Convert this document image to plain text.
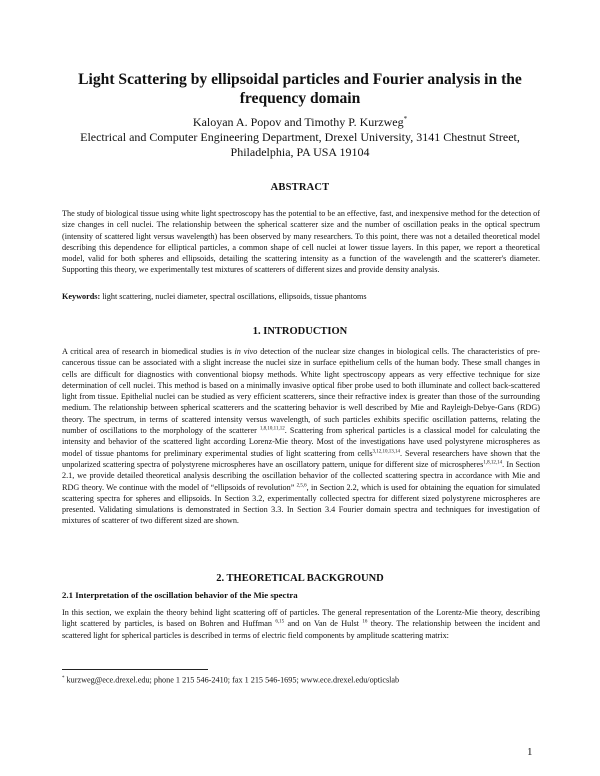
Light Scattering by ellipsoidal particles and Fourier analysis in the frequency domain
Kaloyan A. Popov and Timothy P. Kurzweg*
Electrical and Computer Engineering Department, Drexel University, 3141 Chestnut Street,
Philadelphia, PA USA 19104
ABSTRACT

The study of biological tissue using white light spectroscopy has the potential to be an effective, fast, and inexpensive method for the detection of size changes in cell nuclei. The relationship between the spherical scatterer size and the number of oscillation peaks in the optical spectrum (intensity of scattered light versus wavelength) has been observed by many researchers. To this point, there was not a detailed theoretical model describing this dependence for elliptical particles, a common shape of cell nuclei at lower tissue layers. In this paper, we report a theoretical model, valid for both spheres and ellipsoids, detailing the scattering intensity as a function of the wavelength and the scatterer's diameter. Supporting this theory, we experimentally test mixtures of scatterers of different sizes and provide density analysis.

Keywords: light scattering, nuclei diameter, spectral oscillations, ellipsoids, tissue phantoms

1. INTRODUCTION

A critical area of research in biomedical studies is in vivo detection of the nuclear size changes in biological cells. The characteristics of pre-cancerous tissue can be associated with a slight increase the nuclei size in surface epithelium cells of the human body. These small changes in cells are difficult for diagnostics with conventional biopsy methods. White light spectroscopy appears as very effective technique for size determination of cell nuclei. This method is based on a minimally invasive optical fiber probe used to both illuminate and collect back-scattered light from tissue. Epithelial nuclei can be studied as very efficient scatterers, since their refractive index is greater than those of the surrounding medium. The relationship between spherical scatterers and the scattering behavior is well described by Mie and Rayleigh-Debye-Gans (RDG) theory. The spectrum, in terms of scattered intensity versus wavelength, of such particles exhibits specific oscillation patterns, relating the number of oscillations to the morphology of the scatterer $^{1,8,10,11,12}$. Scattering from spherical particles is a classical model for calculating the intensity and behavior of the scattered light according Lorenz-Mie theory. Most of the investigations have used polystyrene microspheres as model of tissue phantoms for preliminary experimental studies of light scattering from cells$^{3,12,10,13,14}$. Several researchers have shown that the unpolarized scattering spectra of polystyrene microspheres have an oscillatory pattern, unique for different size of microspheres$^{1,8,12,14}$. In Section 2.1, we provide detailed theoretical analysis describing the oscillation behavior of the collected scattering spectra in accordance with Mie and RDG theory. We continue with the model of “ellipsoids of revolution” $^{2,5,6}$, in Section 2.2, which is used for obtaining the equation for simulated scattering spectra for spheres and ellipsoids. In Section 3.2, experimentally collected spectra for different sized polystyrene microspheres are presented. Validating simulations is demonstrated in Section 3.3. In Section 3.4 Fourier domain spectra and techniques for investigation of mixtures of scatterer of two different sized are shown.

2. THEORETICAL BACKGROUND
2.1 Interpretation of the oscillation behavior of the Mie spectra

In this section, we explain the theory behind light scattering off of particles. The general representation of the Lorentz-Mie theory, describing light scattered by particles, is based on Bohren and Huffman $^{6,15}$ and on Van de Hulst $^{16}$ theory. The relationship between the incident and scattered light for spherical particles is described in terms of electric field components by amplitude scattering matrix:

* kurzweg@ece.drexel.edu; phone 1 215 546-2410; fax 1 215 546-1695; www.ece.drexel.edu/opticslab
1
